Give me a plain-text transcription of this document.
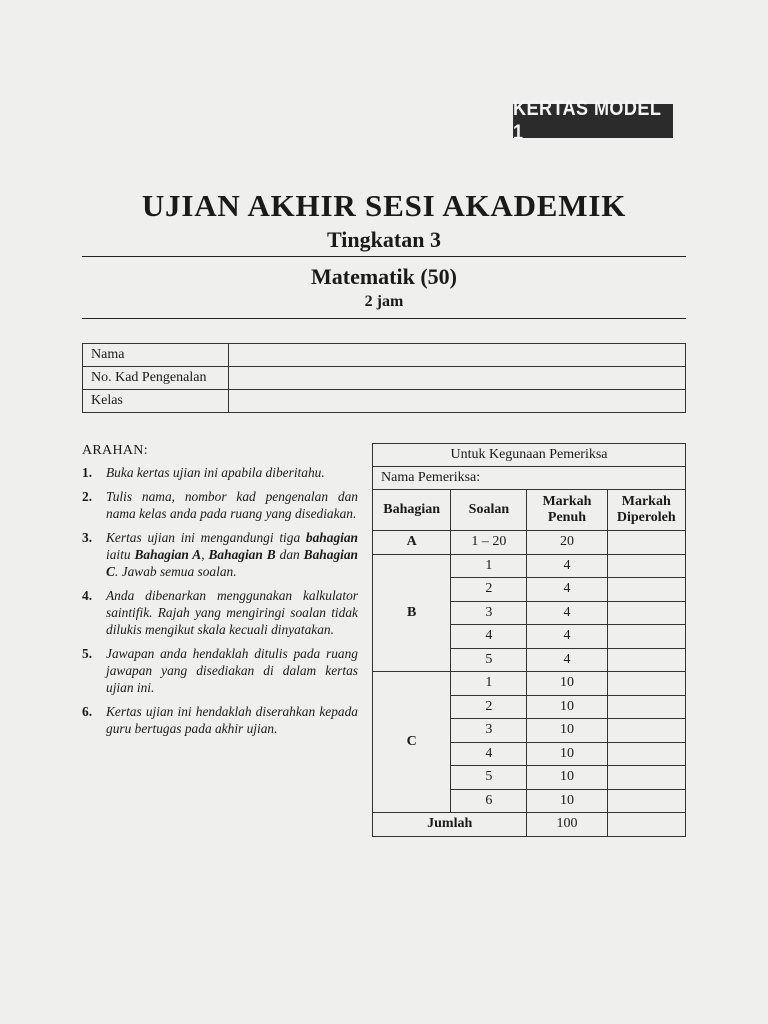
KERTAS MODEL 1
UJIAN AKHIR SESI AKADEMIK
Tingkatan 3
Matematik (50)
2 jam
Nama	
No. Kad Pengenalan	
Kelas	
ARAHAN:
1.	Buka kertas ujian ini apabila diberitahu.
2.	Tulis nama, nombor kad pengenalan dan nama kelas anda pada ruang yang disediakan.
3.	Kertas ujian ini mengandungi tiga bahagian iaitu Bahagian A, Bahagian B dan Bahagian C. Jawab semua soalan.
4.	Anda dibenarkan menggunakan kalkulator saintifik. Rajah yang mengiringi soalan tidak dilukis mengikut skala kecuali dinyatakan.
5.	Jawapan anda hendaklah ditulis pada ruang jawapan yang disediakan di dalam kertas ujian ini.
6.	Kertas ujian ini hendaklah diserahkan kepada guru bertugas pada akhir ujian.
Untuk Kegunaan Pemeriksa			
Nama Pemeriksa:			
Bahagian	Soalan	Markah Penuh	Markah Diperoleh
A	1 – 20	20	
B	1	4	
	2	4	
	3	4	
	4	4	
	5	4	
C	1	10	
	2	10	
	3	10	
	4	10	
	5	10	
	6	10	
Jumlah		100	
